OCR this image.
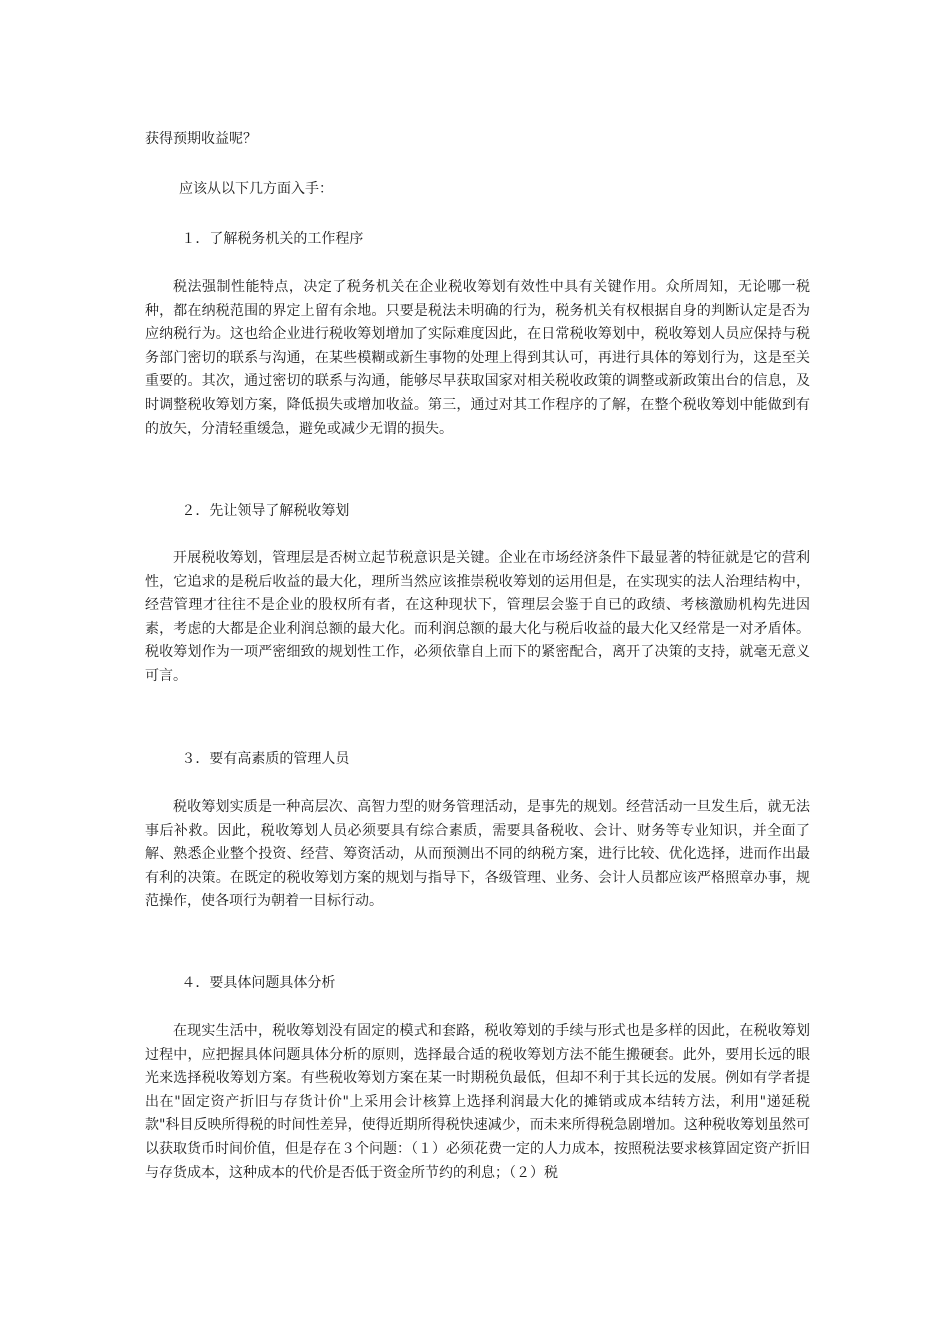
获得预期收益呢？

应该从以下几方面入手：

１．了解税务机关的工作程序

税法强制性能特点，决定了税务机关在企业税收筹划有效性中具有关键作用。众所周知，无论哪一税种，都在纳税范围的界定上留有余地。只要是税法未明确的行为，税务机关有权根据自身的判断认定是否为应纳税行为。这也给企业进行税收筹划增加了实际难度因此，在日常税收筹划中，税收筹划人员应保持与税务部门密切的联系与沟通，在某些模糊或新生事物的处理上得到其认可，再进行具体的筹划行为，这是至关重要的。其次，通过密切的联系与沟通，能够尽早获取国家对相关税收政策的调整或新政策出台的信息，及时调整税收筹划方案，降低损失或增加收益。第三，通过对其工作程序的了解，在整个税收筹划中能做到有的放矢，分清轻重缓急，避免或减少无谓的损失。

２．先让领导了解税收筹划

开展税收筹划，管理层是否树立起节税意识是关键。企业在市场经济条件下最显著的特征就是它的营利性，它追求的是税后收益的最大化，理所当然应该推崇税收筹划的运用但是，在实现实的法人治理结构中，经营管理才往往不是企业的股权所有者，在这种现状下，管理层会鉴于自已的政绩、考核激励机构先进因素，考虑的大都是企业利润总额的最大化。而利润总额的最大化与税后收益的最大化又经常是一对矛盾体。税收筹划作为一项严密细致的规划性工作，必须依靠自上而下的紧密配合，离开了决策的支持，就毫无意义可言。

３．要有高素质的管理人员

税收筹划实质是一种高层次、高智力型的财务管理活动，是事先的规划。经营活动一旦发生后，就无法事后补救。因此，税收筹划人员必须要具有综合素质，需要具备税收、会计、财务等专业知识，并全面了解、熟悉企业整个投资、经营、筹资活动，从而预测出不同的纳税方案，进行比较、优化选择，进而作出最有利的决策。在既定的税收筹划方案的规划与指导下，各级管理、业务、会计人员都应该严格照章办事，规范操作，使各项行为朝着一目标行动。

４．要具体问题具体分析

在现实生活中，税收筹划没有固定的模式和套路，税收筹划的手续与形式也是多样的因此，在税收筹划过程中，应把握具体问题具体分析的原则，选择最合适的税收筹划方法不能生搬硬套。此外，要用长远的眼光来选择税收筹划方案。有些税收筹划方案在某一时期税负最低，但却不利于其长远的发展。例如有学者提出在"固定资产折旧与存货计价"上采用会计核算上选择利润最大化的摊销或成本结转方法，利用"递延税款"科目反映所得税的时间性差异，使得近期所得税快速减少，而未来所得税急剧增加。这种税收筹划虽然可以获取货币时间价值，但是存在３个问题：（１）必须花费一定的人力成本，按照税法要求核算固定资产折旧与存货成本，这种成本的代价是否低于资金所节约的利息；（２）税
